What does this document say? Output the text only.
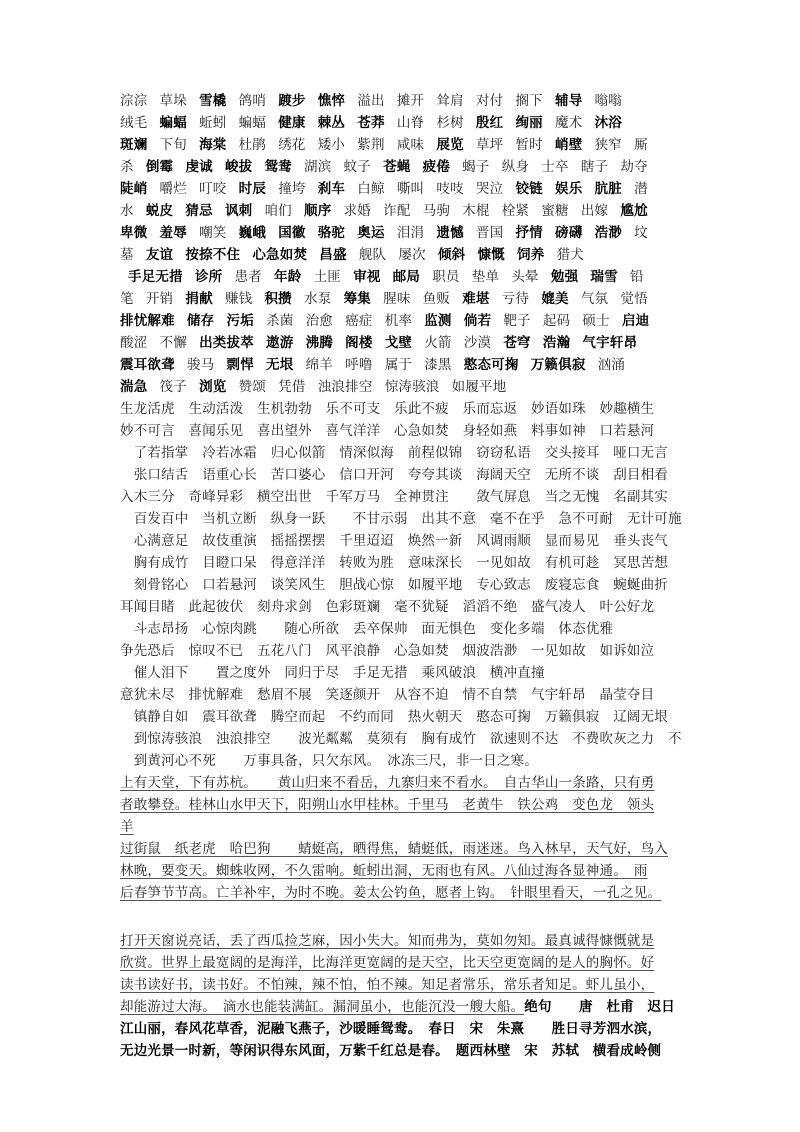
淙淙 草垛 雪橇 鸽哨 踱步 憔悴 溢出 摊开 耸肩 对付 搁下 辅导 嗡嗡
绒毛 蝙蝠 蚯蚓 蝙蝠 健康 棘丛 苍莽 山脊 杉树 殷红 绚丽 魔术 沐浴
斑斓 下旬 海棠 杜鹃 绣花 矮小 紫荆 咸味 展览 草坪 暂时 峭壁 狭窄 厮
杀 倒霉 虔诚 峻拔 鸳鸯 湖滨 蚊子 苍蝇 疲倦 蝎子 纵身 士卒 瞎子 劫夺
陡峭 嚼烂 叮咬 时辰 撞垮 刹车 白鲸 嘶叫 吱吱 哭泣 铰链 娱乐 肮脏 潜
水 蜕皮 猜忌 讽刺 咱们 顺序 求婚 诈配 马驹 木棍 栓紧 蜜糖 出嫁 尴尬
卑微 羞辱 嘲笑 巍峨 国徽 骆驼 奥运 泪涓 遗憾 晋国 抒情 磅礴 浩渺 坟
墓 友谊 按捺不住 心急如焚 昌盛 舰队 屡次 倾斜 慷慨 饲养 猎犬
手足无措 诊所 患者 年龄 土匪 审视 邮局 职员 垫单 头晕 勉强 瑞雪 铅
笔 开销 捐献 赚钱 积攒 水泵 筹集 腥味 鱼贩 难堪 亏待 媲美 气氛 觉悟
排忧解难 储存 污垢 杀菌 治愈 癌症 机率 监测 倘若 靶子 起码 硕士 启迪
酸涩 不懈 出类拔萃 遨游 沸腾 阁楼 戈壁 火箭 沙漠 苍穹 浩瀚 气宇轩昂
震耳欲聋 骏马 剽悍 无垠 绵羊 呼噜 属于 漆黑 憨态可掬 万籁俱寂 汹涌
湍急 筏子 浏览 赞颂 凭借 浊浪排空 惊涛骇浪 如履平地
生龙活虎　生动活泼　生机勃勃　乐不可支　乐此不疲　乐而忘返　妙语如珠　妙趣横生
妙不可言　喜闻乐见　喜出望外　喜气洋洋　心急如焚　身轻如燕　料事如神　口若悬河
　了若指掌　冷若冰霜　归心似箭　情深似海　前程似锦　窃窃私语　交头接耳　哑口无言
　张口结舌　语重心长　苦口婆心　信口开河　夸夸其谈　海阔天空　无所不谈　刮目相看
入木三分　奇峰异彩　横空出世　千军万马　全神贯注　　敛气屏息　当之无愧　名副其实
　百发百中　当机立断　纵身一跃　　不甘示弱　出其不意　毫不在乎　急不可耐　无计可施
　心满意足　故伎重演　摇摇摆摆　千里迢迢　焕然一新　风调雨顺　显而易见　垂头丧气
　胸有成竹　目瞪口呆　得意洋洋　转败为胜　意味深长　一见如故　有机可趁　冥思苦想
　刻骨铭心　口若悬河　谈笑风生　胆战心惊　如履平地　专心致志　废寝忘食　蜿蜒曲折
耳闻目睹　此起彼伏　刻舟求剑　色彩斑斓　毫不犹疑　滔滔不绝　盛气凌人　叶公好龙
　斗志昂扬　心惊肉跳　　随心所欲　丢卒保帅　面无惧色　变化多端　体态优雅
争先恐后　惊叹不已　五花八门　风平浪静　心急如焚　烟波浩渺　一见如故　如诉如泣
　催人泪下　　置之度外　同归于尽　手足无措　乘风破浪　横冲直撞
意犹未尽　排忧解难　愁眉不展　笑逐颜开　从容不迫　情不自禁　气宇轩昂　晶莹夺目
　镇静自如　震耳欲聋　腾空而起　不约而同　热火朝天　憨态可掬　万籁俱寂　辽阔无垠
　到惊涛骇浪　浊浪排空　　波光粼粼　莫须有　胸有成竹　欲速则不达　不费吹灰之力　不
　到黄河心不死　　万事具备，只欠东风。　冰冻三尺，非一日之寒。
上有天堂，下有苏杭。　　黄山归来不看岳，九寨归来不看水。　自古华山一条路，只有勇
者敢攀登。桂林山水甲天下，阳朔山水甲桂林。千里马　老黄牛　铁公鸡　变色龙　领头
羊
过街鼠　纸老虎　哈巴狗　　蜻蜓高，晒得焦，蜻蜓低，雨迷迷。鸟入林早，天气好，鸟入
林晚，要变天。蜘蛛收网，不久雷响。蚯蚓出洞，无雨也有风。八仙过海各显神通。　雨
后春笋节节高。亡羊补牢，为时不晚。姜太公钓鱼，愿者上钩。　针眼里看天，一孔之见。
打开天窗说亮话，丢了西瓜捡芝麻，因小失大。知而弗为，莫如勿知。最真诚得慷慨就是
欣赏。世界上最宽阔的是海洋，比海洋更宽阔的是天空，比天空更宽阔的是人的胸怀。好
读书读好书，读书好。不怕辣，辣不怕，怕不辣。知足者常乐，常乐者知足。虾儿虽小，
却能游过大海。　滴水也能装满缸。漏洞虽小，也能沉没一艘大船。绝句　　唐　杜甫　迟日
江山丽，春风花草香，泥融飞燕子，沙暖睡鸳鸯。　春日　宋　朱熹　　胜日寻芳泗水滨，
无边光景一时新，等闲识得东风面，万紫千红总是春。　题西林壁　宋　苏轼　横看成岭侧
